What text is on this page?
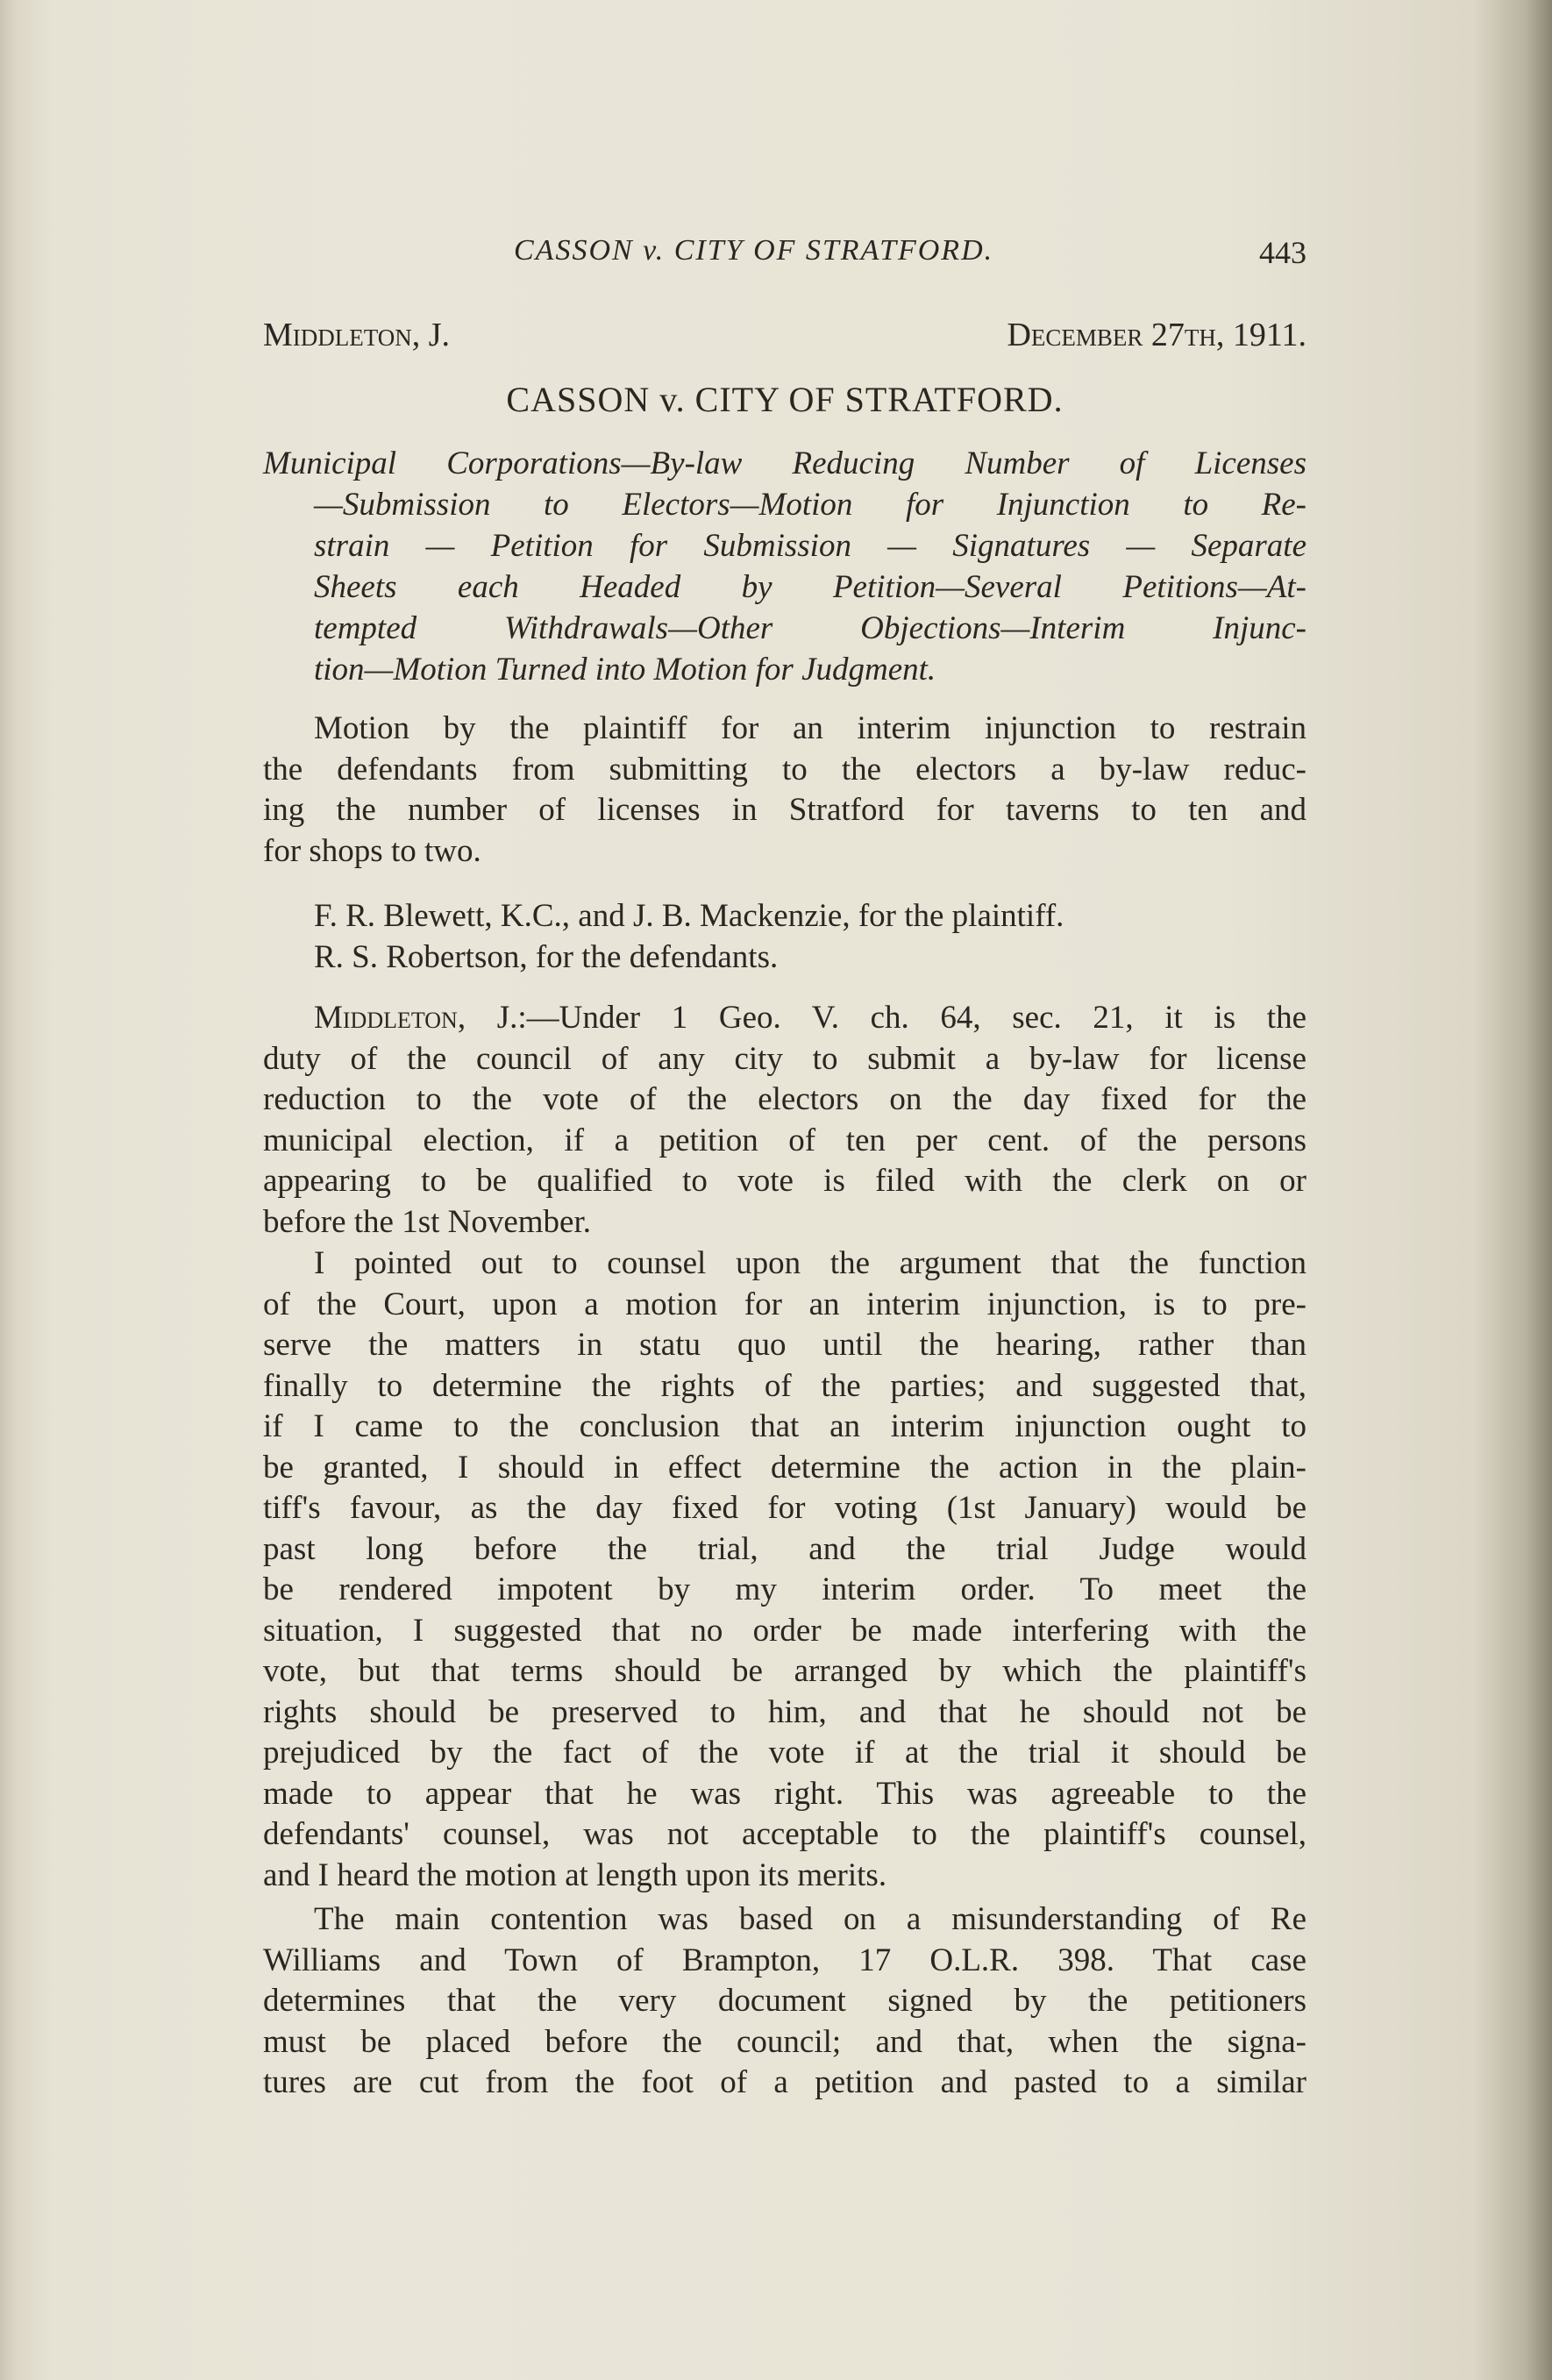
CASSON v. CITY OF STRATFORD.	443
Middleton, J.	December 27th, 1911.
CASSON v. CITY OF STRATFORD.
Municipal Corporations—By-law Reducing Number of Licenses
—Submission to Electors—Motion for Injunction to Re-
strain — Petition for Submission — Signatures — Separate
Sheets each Headed by Petition—Several Petitions—At-
tempted Withdrawals—Other Objections—Interim Injunc-
tion—Motion Turned into Motion for Judgment.
Motion by the plaintiff for an interim injunction to restrain
the defendants from submitting to the electors a by-law reduc-
ing the number of licenses in Stratford for taverns to ten and
for shops to two.
F. R. Blewett, K.C., and J. B. Mackenzie, for the plaintiff.
R. S. Robertson, for the defendants.
Middleton, J.:—Under 1 Geo. V. ch. 64, sec. 21, it is the
duty of the council of any city to submit a by-law for license
reduction to the vote of the electors on the day fixed for the
municipal election, if a petition of ten per cent. of the persons
appearing to be qualified to vote is filed with the clerk on or
before the 1st November.
I pointed out to counsel upon the argument that the function
of the Court, upon a motion for an interim injunction, is to pre-
serve the matters in statu quo until the hearing, rather than
finally to determine the rights of the parties; and suggested that,
if I came to the conclusion that an interim injunction ought to
be granted, I should in effect determine the action in the plain-
tiff's favour, as the day fixed for voting (1st January) would be
past long before the trial, and the trial Judge would
be rendered impotent by my interim order. To meet the
situation, I suggested that no order be made interfering with the
vote, but that terms should be arranged by which the plaintiff's
rights should be preserved to him, and that he should not be
prejudiced by the fact of the vote if at the trial it should be
made to appear that he was right. This was agreeable to the
defendants' counsel, was not acceptable to the plaintiff's counsel,
and I heard the motion at length upon its merits.
The main contention was based on a misunderstanding of Re
Williams and Town of Brampton, 17 O.L.R. 398. That case
determines that the very document signed by the petitioners
must be placed before the council; and that, when the signa-
tures are cut from the foot of a petition and pasted to a similar
